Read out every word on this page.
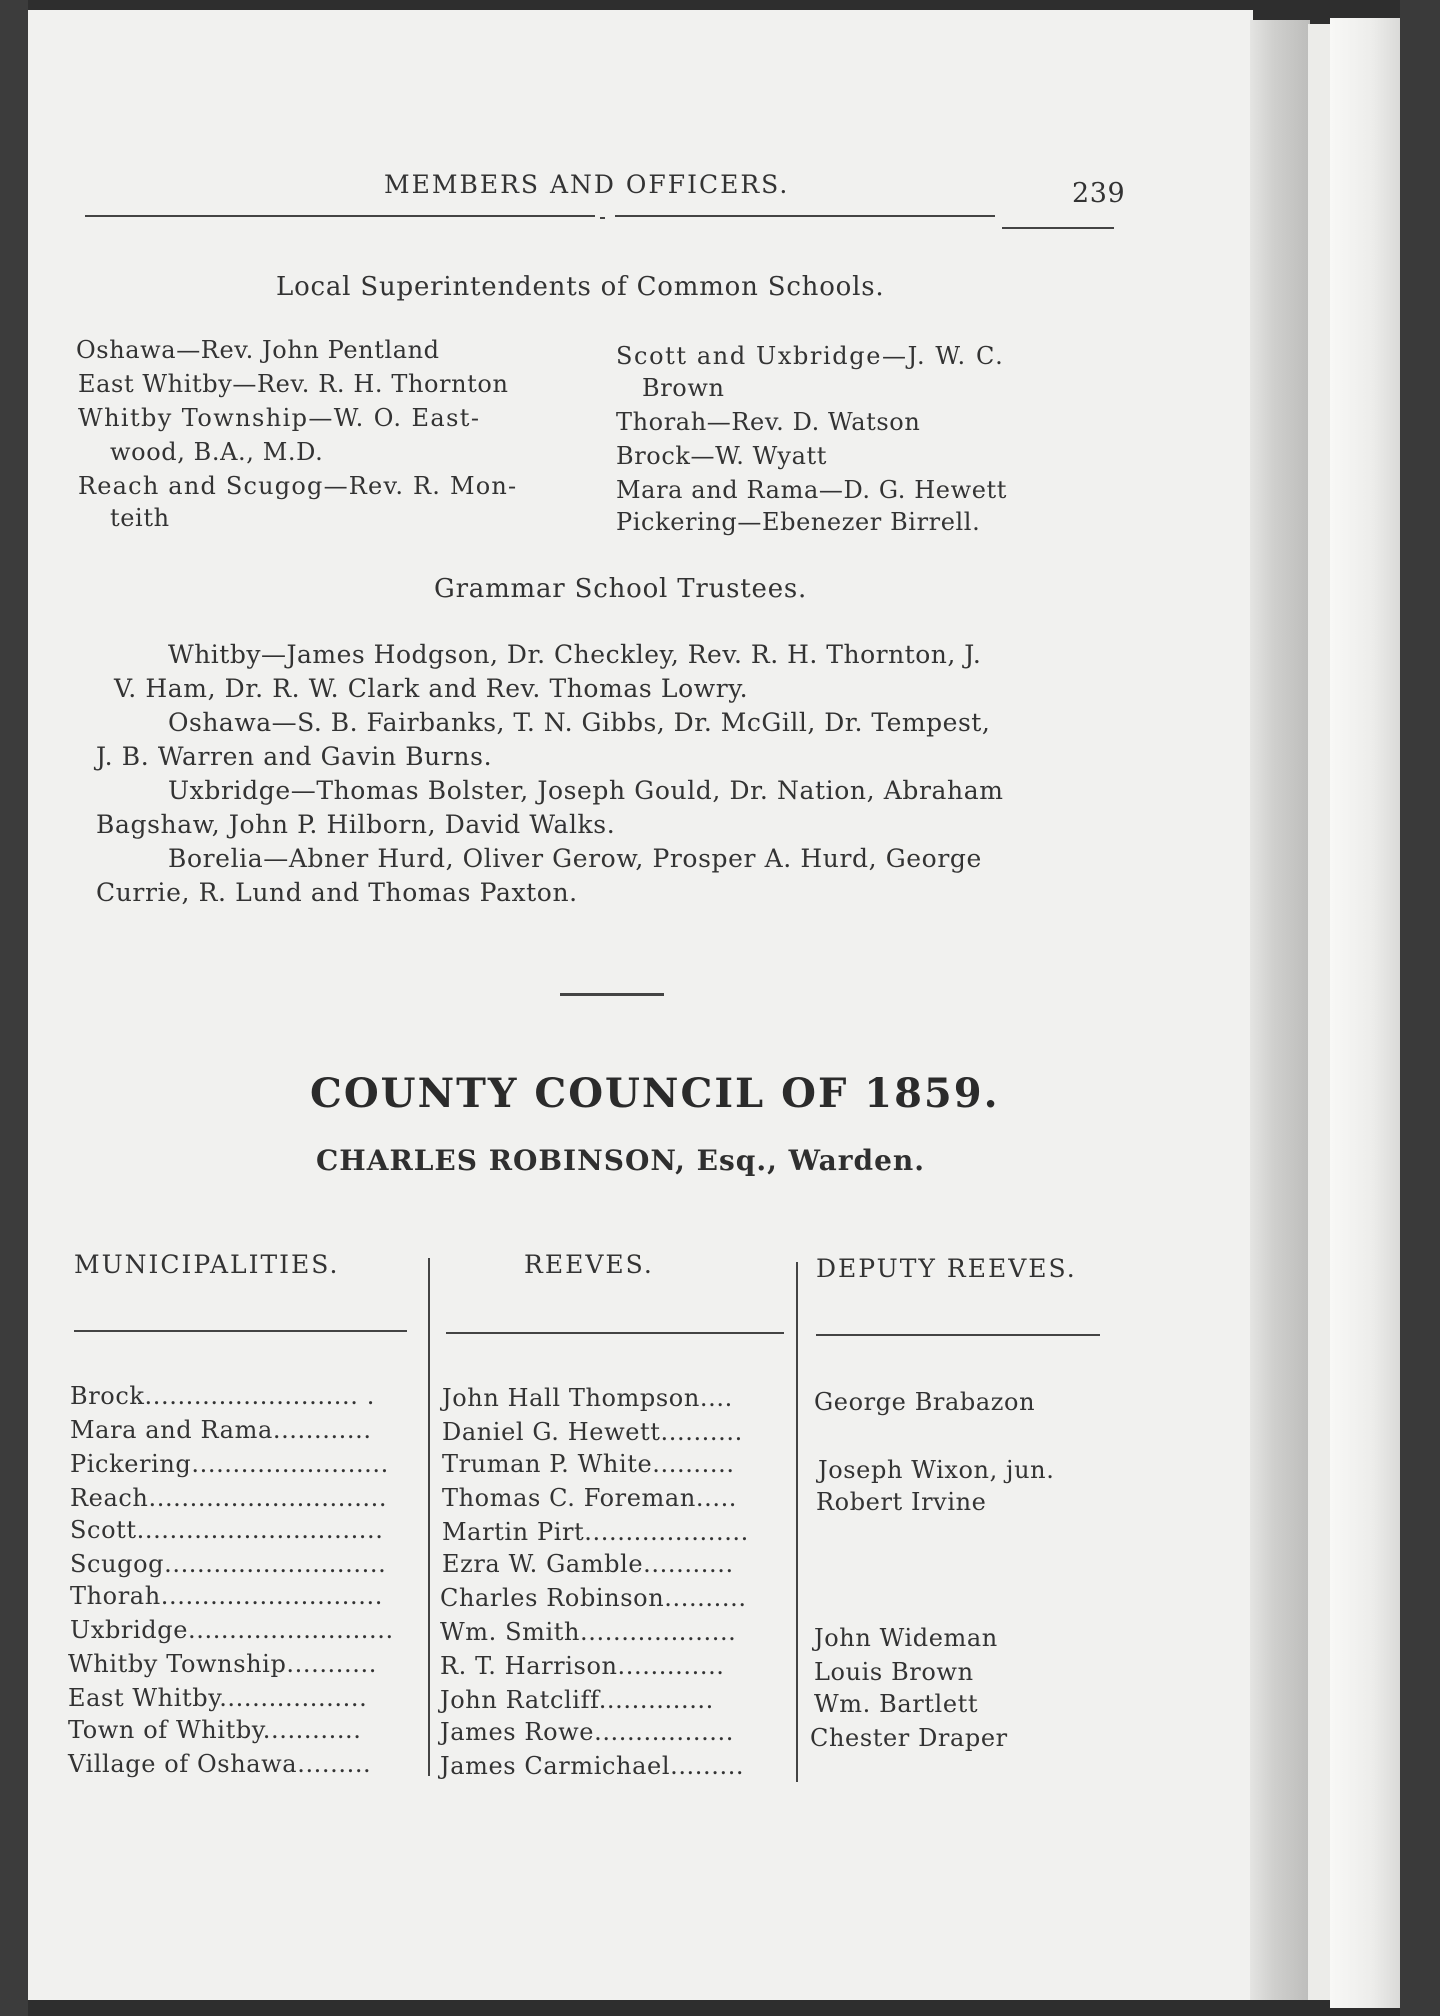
MEMBERS AND OFFICERS.	239
Local Superintendents of Common Schools.
Oshawa—Rev. John Pentland
East Whitby—Rev. R. H. Thornton
Whitby Township—W. O. East-
wood, B.A., M.D.
Reach and Scugog—Rev. R. Mon-
teith
Scott and Uxbridge—J. W. C.
Brown
Thorah—Rev. D. Watson
Brock—W. Wyatt
Mara and Rama—D. G. Hewett
Pickering—Ebenezer Birrell.
Grammar School Trustees.
Whitby—James Hodgson, Dr. Checkley, Rev. R. H. Thornton, J.
V. Ham, Dr. R. W. Clark and Rev. Thomas Lowry.
Oshawa—S. B. Fairbanks, T. N. Gibbs, Dr. McGill, Dr. Tempest,
J. B. Warren and Gavin Burns.
Uxbridge—Thomas Bolster, Joseph Gould, Dr. Nation, Abraham
Bagshaw, John P. Hilborn, David Walks.
Borelia—Abner Hurd, Oliver Gerow, Prosper A. Hurd, George
Currie, R. Lund and Thomas Paxton.
COUNTY COUNCIL OF 1859.
CHARLES ROBINSON, Esq., Warden.
MUNICIPALITIES.	REEVES.	DEPUTY REEVES.
Brock.......................... .	John Hall Thompson....	George Brabazon
Mara and Rama............	Daniel G. Hewett..........
Pickering........................ Truman P. White..........	Joseph Wixon, jun.
Reach............................. Thomas C. Foreman.....	Robert Irvine
Scott.............................. Martin Pirt....................
Scugog........................... Ezra W. Gamble...........
Thorah........................... Charles Robinson..........
Uxbridge......................... Wm. Smith...................	John Wideman
Whitby Township...........	R. T. Harrison.............	Louis Brown
East Whitby..................	John Ratcliff..............	Wm. Bartlett
Town of Whitby............	James Rowe.................	Chester Draper
Village of Oshawa.........	James Carmichael.........
